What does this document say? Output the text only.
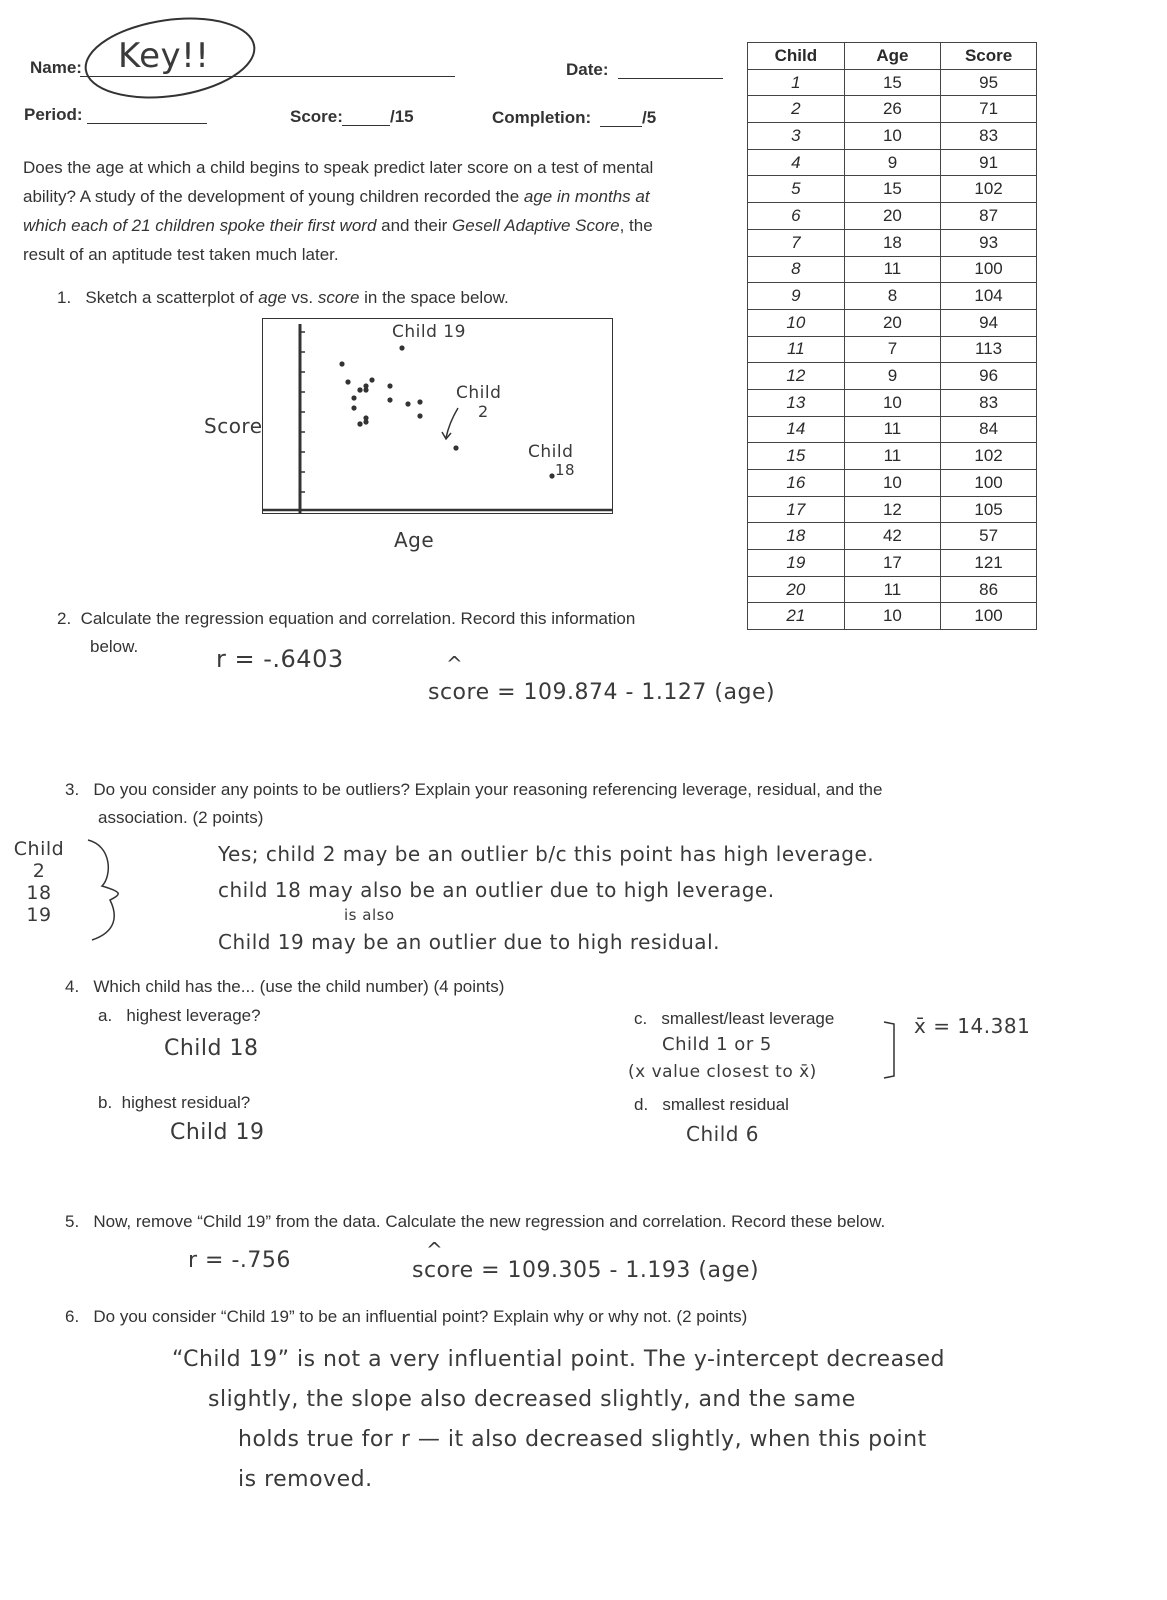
Name: Key!!	Date:
Period:	Score:	/15	Completion:	/5
Does the age at which a child begins to speak predict later score on a test of mental
ability? A study of the development of young children recorded the age in months at
which each of 21 children spoke their first word and their Gesell Adaptive Score, the
result of an aptitude test taken much later.
Child	Age	Score
1	15	95
2	26	71
3	10	83
4	9	91
5	15	102
6	20	87
7	18	93
8	11	100
9	8	104
10	20	94
11	7	113
12	9	96
13	10	83
14	11	84
15	11	102
16	10	100
17	12	105
18	42	57
19	17	121
20	11	86
21	10	100
1. Sketch a scatterplot of age vs. score in the space below.
Score
Age
Child 19
Child
2
Child
18
2. Calculate the regression equation and correlation. Record this information
below.	r = -.6403
score = 109.874 - 1.127 (age)
^
3. Do you consider any points to be outliers? Explain your reasoning referencing leverage, residual, and the
association. (2 points)
Child
2
18
19
Yes; child 2 may be an outlier b/c this point has high leverage.
child 18 may also be an outlier due to high leverage.
is also
Child 19 may be an outlier due to high residual.
4. Which child has the... (use the child number) (4 points)
a. highest leverage?
Child 18
b. highest residual?
Child 19
c. smallest/least leverage
Child 1 or 5
(x value closest to x̄)
x̄ = 14.381
d. smallest residual
Child 6
5. Now, remove “Child 19” from the data. Calculate the new regression and correlation. Record these below.
r = -.756	^
score = 109.305 - 1.193 (age)
6. Do you consider “Child 19” to be an influential point? Explain why or why not. (2 points)
“Child 19” is not a very influential point. The y-intercept decreased
slightly, the slope also decreased slightly, and the same
holds true for r — it also decreased slightly, when this point
is removed.
